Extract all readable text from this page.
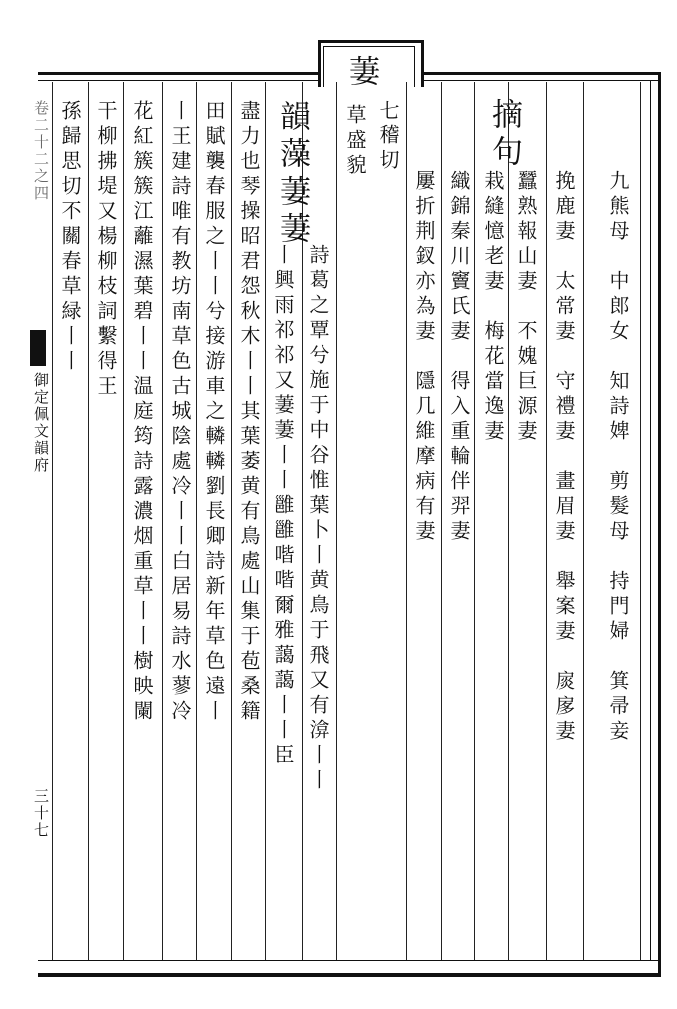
萋
七
稽切
草盛貌	摘句
九熊母　中郎女　知詩婢　剪髮母　持門婦　箕帚妾
挽鹿妻　太常妻　守禮妻　畫眉妻　舉案妻　扊扅妻
蠶熟報山妻　不媿巨源妻
栽縫憶老妻　梅花當逸妻
織錦秦川竇氏妻　得入重輪伴羿妻
屢折荆釵亦為妻　隱几維摩病有妻
韻藻
萋萋
詩葛之覃兮施于中谷惟葉卜丨黄鳥于飛又有渰丨丨
丨興雨祁祁又萋萋丨丨雝雝喈喈爾雅藹藹丨丨臣
盡力也琴操昭君怨秋木丨丨其葉萎黄有鳥處山集于苞桑籍
田賦襲春服之丨丨兮接游車之轔轔劉長卿詩新年草色遠丨
丨王建詩唯有教坊南草色古城陰處冷丨丨白居易詩水蓼冷
花紅簇簇江蘺濕葉碧丨丨温庭筠詩露濃烟重草丨丨樹映闌
干柳拂堤又楊柳枝詞繫得王
孫歸思切不關春草緑丨丨
卷二十二之四
御定佩文韻府
三十七
